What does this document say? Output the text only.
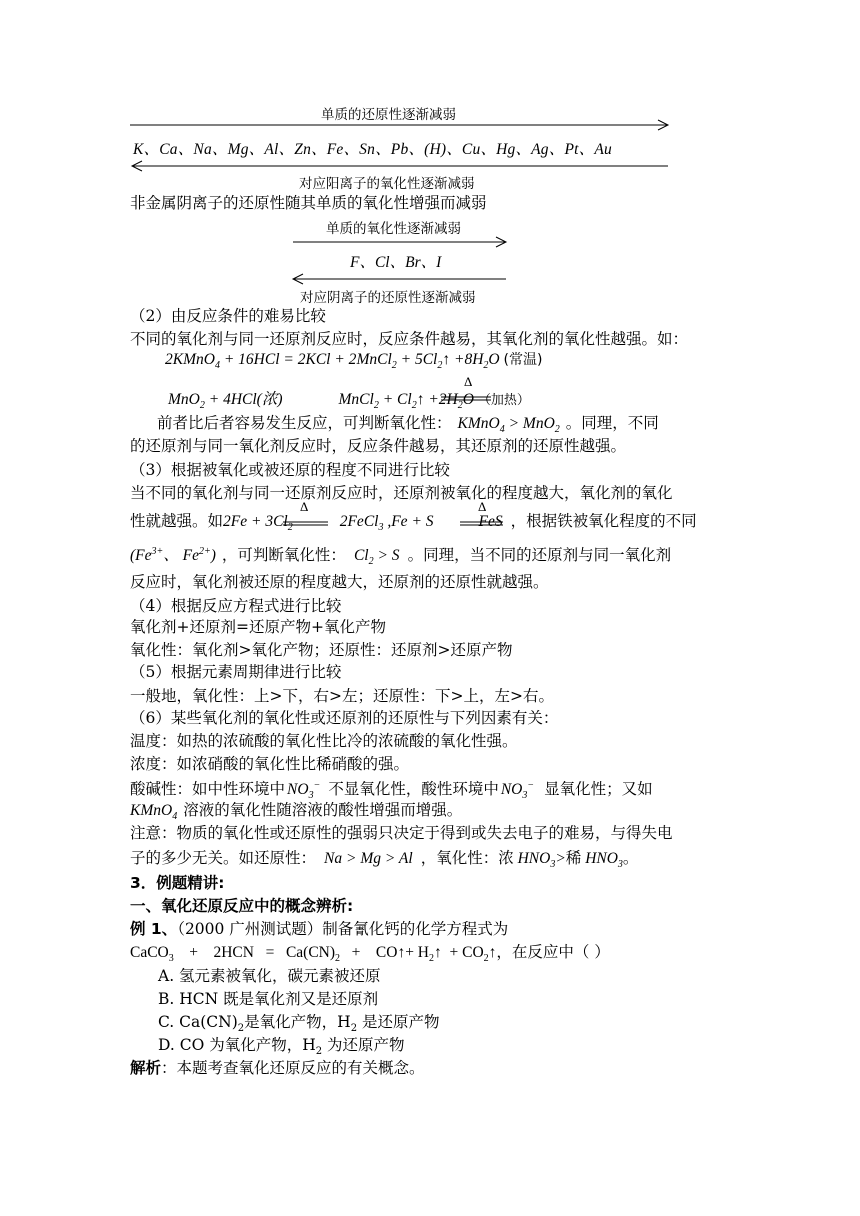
单质的还原性逐渐减弱
K、Ca、Na、Mg、Al、Zn、Fe、Sn、Pb、(H)、Cu、Hg、Ag、Pt、Au
对应阳离子的氧化性逐渐减弱
非金属阴离子的还原性随其单质的氧化性增强而减弱
单质的氧化性逐渐减弱
F、Cl、Br、I
对应阴离子的还原性逐渐减弱
（2）由反应条件的难易比较
不同的氧化剂与同一还原剂反应时，反应条件越易，其氧化剂的氧化性越强。如：
2KMnO$_4$ + 16HCl = 2KCl + 2MnCl$_2$ + $5Cl_2↑ +8H_2O$ (常温)
Δ
MnO$_2$ + 4HCl(浓)	MnCl$_2$ + $Cl_2↑ +2H_2O$ （加热）
前者比后者容易发生反应，可判断氧化性： KMnO$_4$ > MnO$_2$ 。同理，不同
的还原剂与同一氧化剂反应时，反应条件越易，其还原剂的还原性越强。
（3）根据被氧化或被还原的程度不同进行比较
当不同的氧化剂与同一还原剂反应时，还原剂被氧化的程度越大，氧化剂的氧化
Δ	Δ
性就越强。如$2Fe + 3Cl_2$	2FeCl$_3$ ,Fe + S	FeS ，根据铁被氧化程度的不同
($Fe^{3+}$、 $Fe^{2+}$) ，可判断氧化性： $Cl_2 > S$ 。同理，当不同的还原剂与同一氧化剂
反应时，氧化剂被还原的程度越大，还原剂的还原性就越强。
（4）根据反应方程式进行比较
氧化剂+还原剂=还原产物+氧化产物
氧化性：氧化剂>氧化产物；还原性：还原剂>还原产物
（5）根据元素周期律进行比较
一般地，氧化性：上>下，右>左；还原性：下>上，左>右。
（6）某些氧化剂的氧化性或还原剂的还原性与下列因素有关：
温度：如热的浓硫酸的氧化性比冷的浓硫酸的氧化性强。
浓度：如浓硝酸的氧化性比稀硝酸的强。
酸碱性：如中性环境中 $NO_3^-$ 不显氧化性，酸性环境中 $NO_3^-$ 显氧化性；又如
KMnO$_4$ 溶液的氧化性随溶液的酸性增强而增强。
注意：物质的氧化性或还原性的强弱只决定于得到或失去电子的难易，与得失电
子的多少无关。如还原性： Na > Mg > Al ，氧化性：浓 $HNO_3>$稀 $HNO_3$。
3．例题精讲:
一、氧化还原反应中的概念辨析:
例 1、（2000 广州测试题）制备氰化钙的化学方程式为
CaCO$_3$    +    $2HCN = Ca(CN)_2$   +    CO↑+ $H_2↑$  + $CO_2↑$，在反应中（ ）
A. 氢元素被氧化，碳元素被还原
B. HCN 既是氧化剂又是还原剂
C. $Ca(CN)_2$是氧化产物，$H_2$ 是还原产物
D. CO 为氧化产物，$H_2$ 为还原产物
解析：本题考查氧化还原反应的有关概念。
